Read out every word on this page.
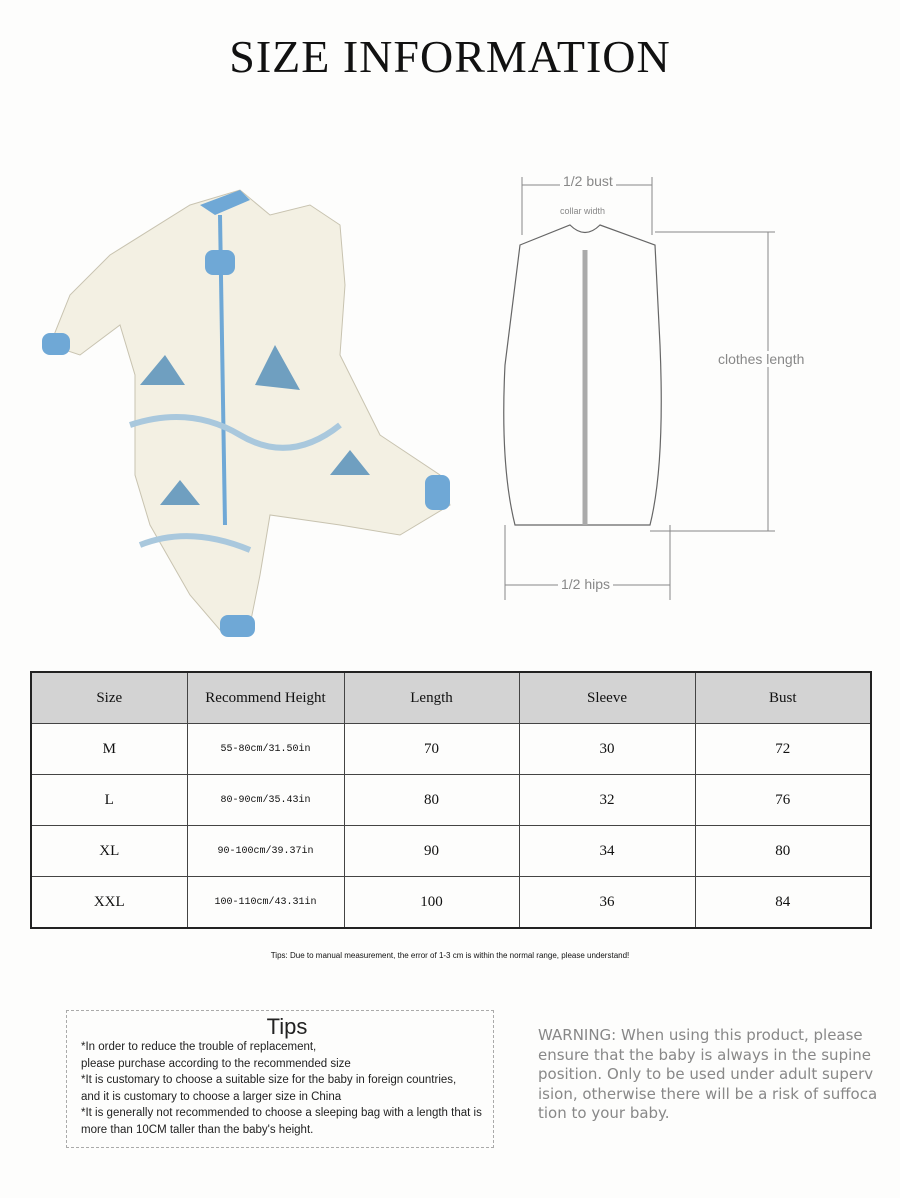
SIZE INFORMATION
1/2 bust
collar width
clothes length
1/2 hips
Size	Recommend Height	Length	Sleeve	Bust
M	55-80cm/31.50in	70	30	72
L	80-90cm/35.43in	80	32	76
XL	90-100cm/39.37in	90	34	80
XXL	100-110cm/43.31in	100	36	84
Tips: Due to manual measurement, the error of 1-3 cm is within the normal range, please understand!
Tips
*In order to reduce the trouble of replacement,
please purchase according to the recommended size
*It is customary to choose a suitable size for the baby in foreign countries,
and it is customary to choose a larger size in China
*It is generally not recommended to choose a sleeping bag with a length that is
more than 10CM taller than the baby's height.
WARNING: When using this product, please ensure that the baby is always in the supine position. Only to be used under adult superv ision, otherwise there will be a risk of suffoca tion to your baby.
